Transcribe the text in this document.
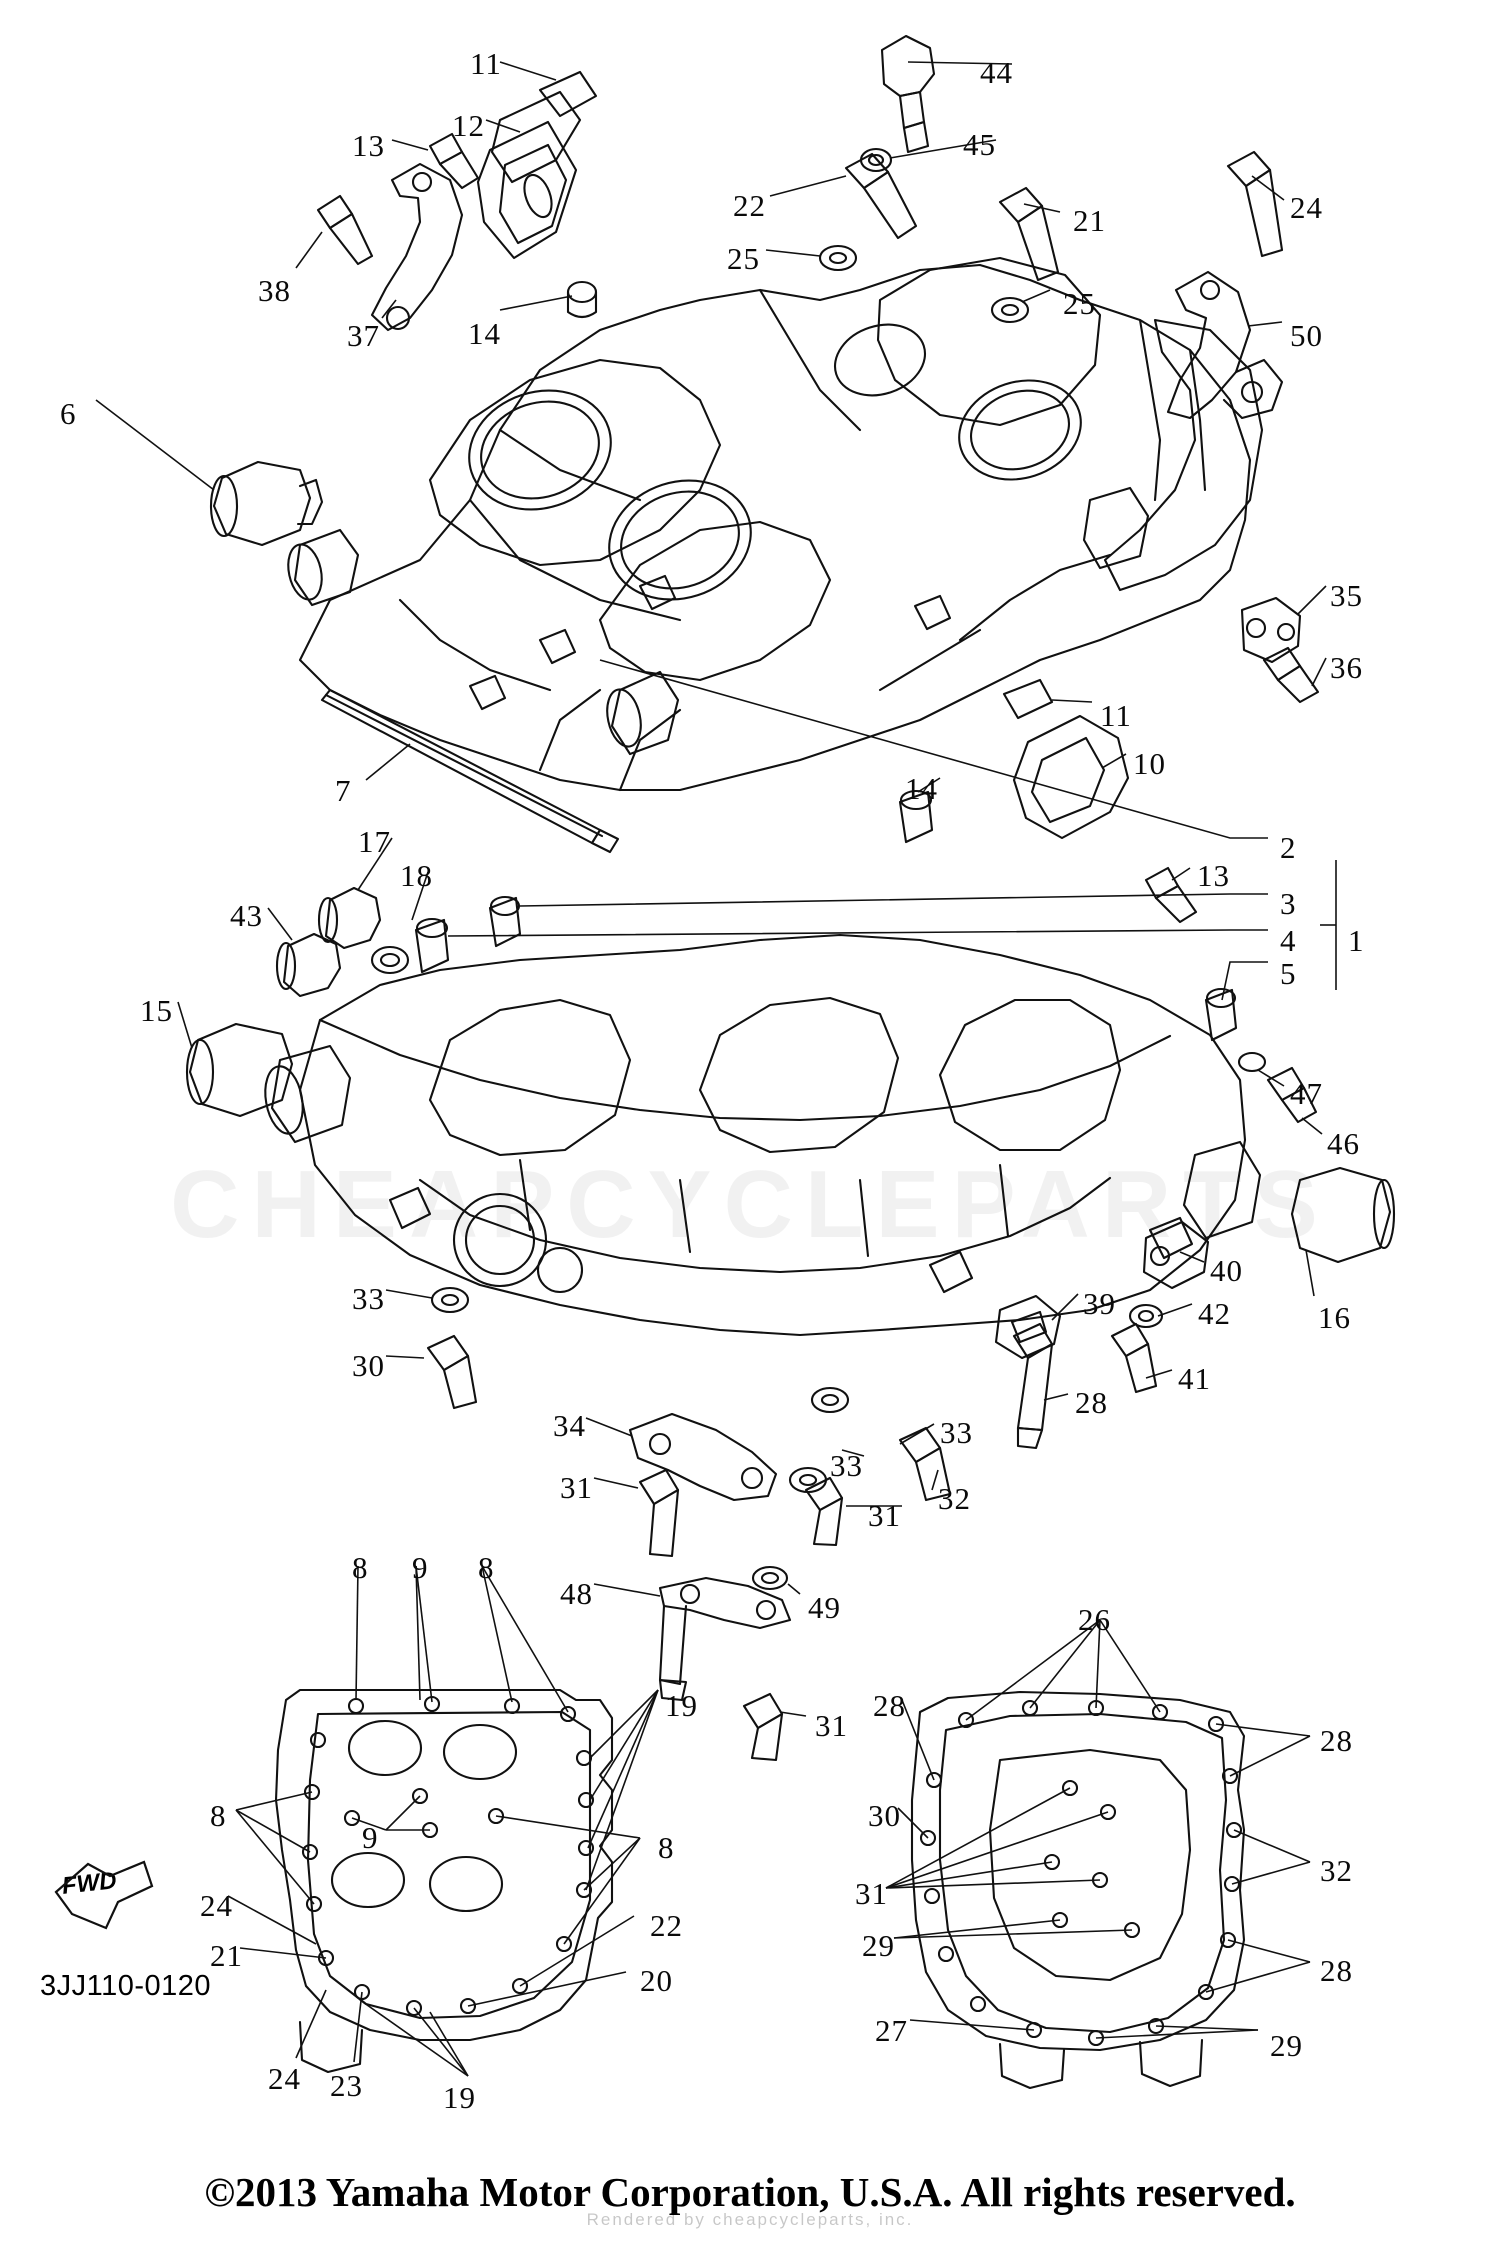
CHEAPCYCLEPARTS
Rendered by cheapcycleparts, inc.
11	44
12
13	45
22	21	24
25
25
38
37	14	50
6
35
36
11
7
10
14
2
13
17
18
3
43
4 1
5
15
47
46
40
16
42
33	39
41
30
28
33
34
33
32
31
31
8 9 8
48	49	26
19
31
28
28
8
9	8
30
32
24
22
31
21	29
28
20
24 23	19
27	29
FWD
3JJ110-0120
©2013 Yamaha Motor Corporation, U.S.A. All rights reserved.
